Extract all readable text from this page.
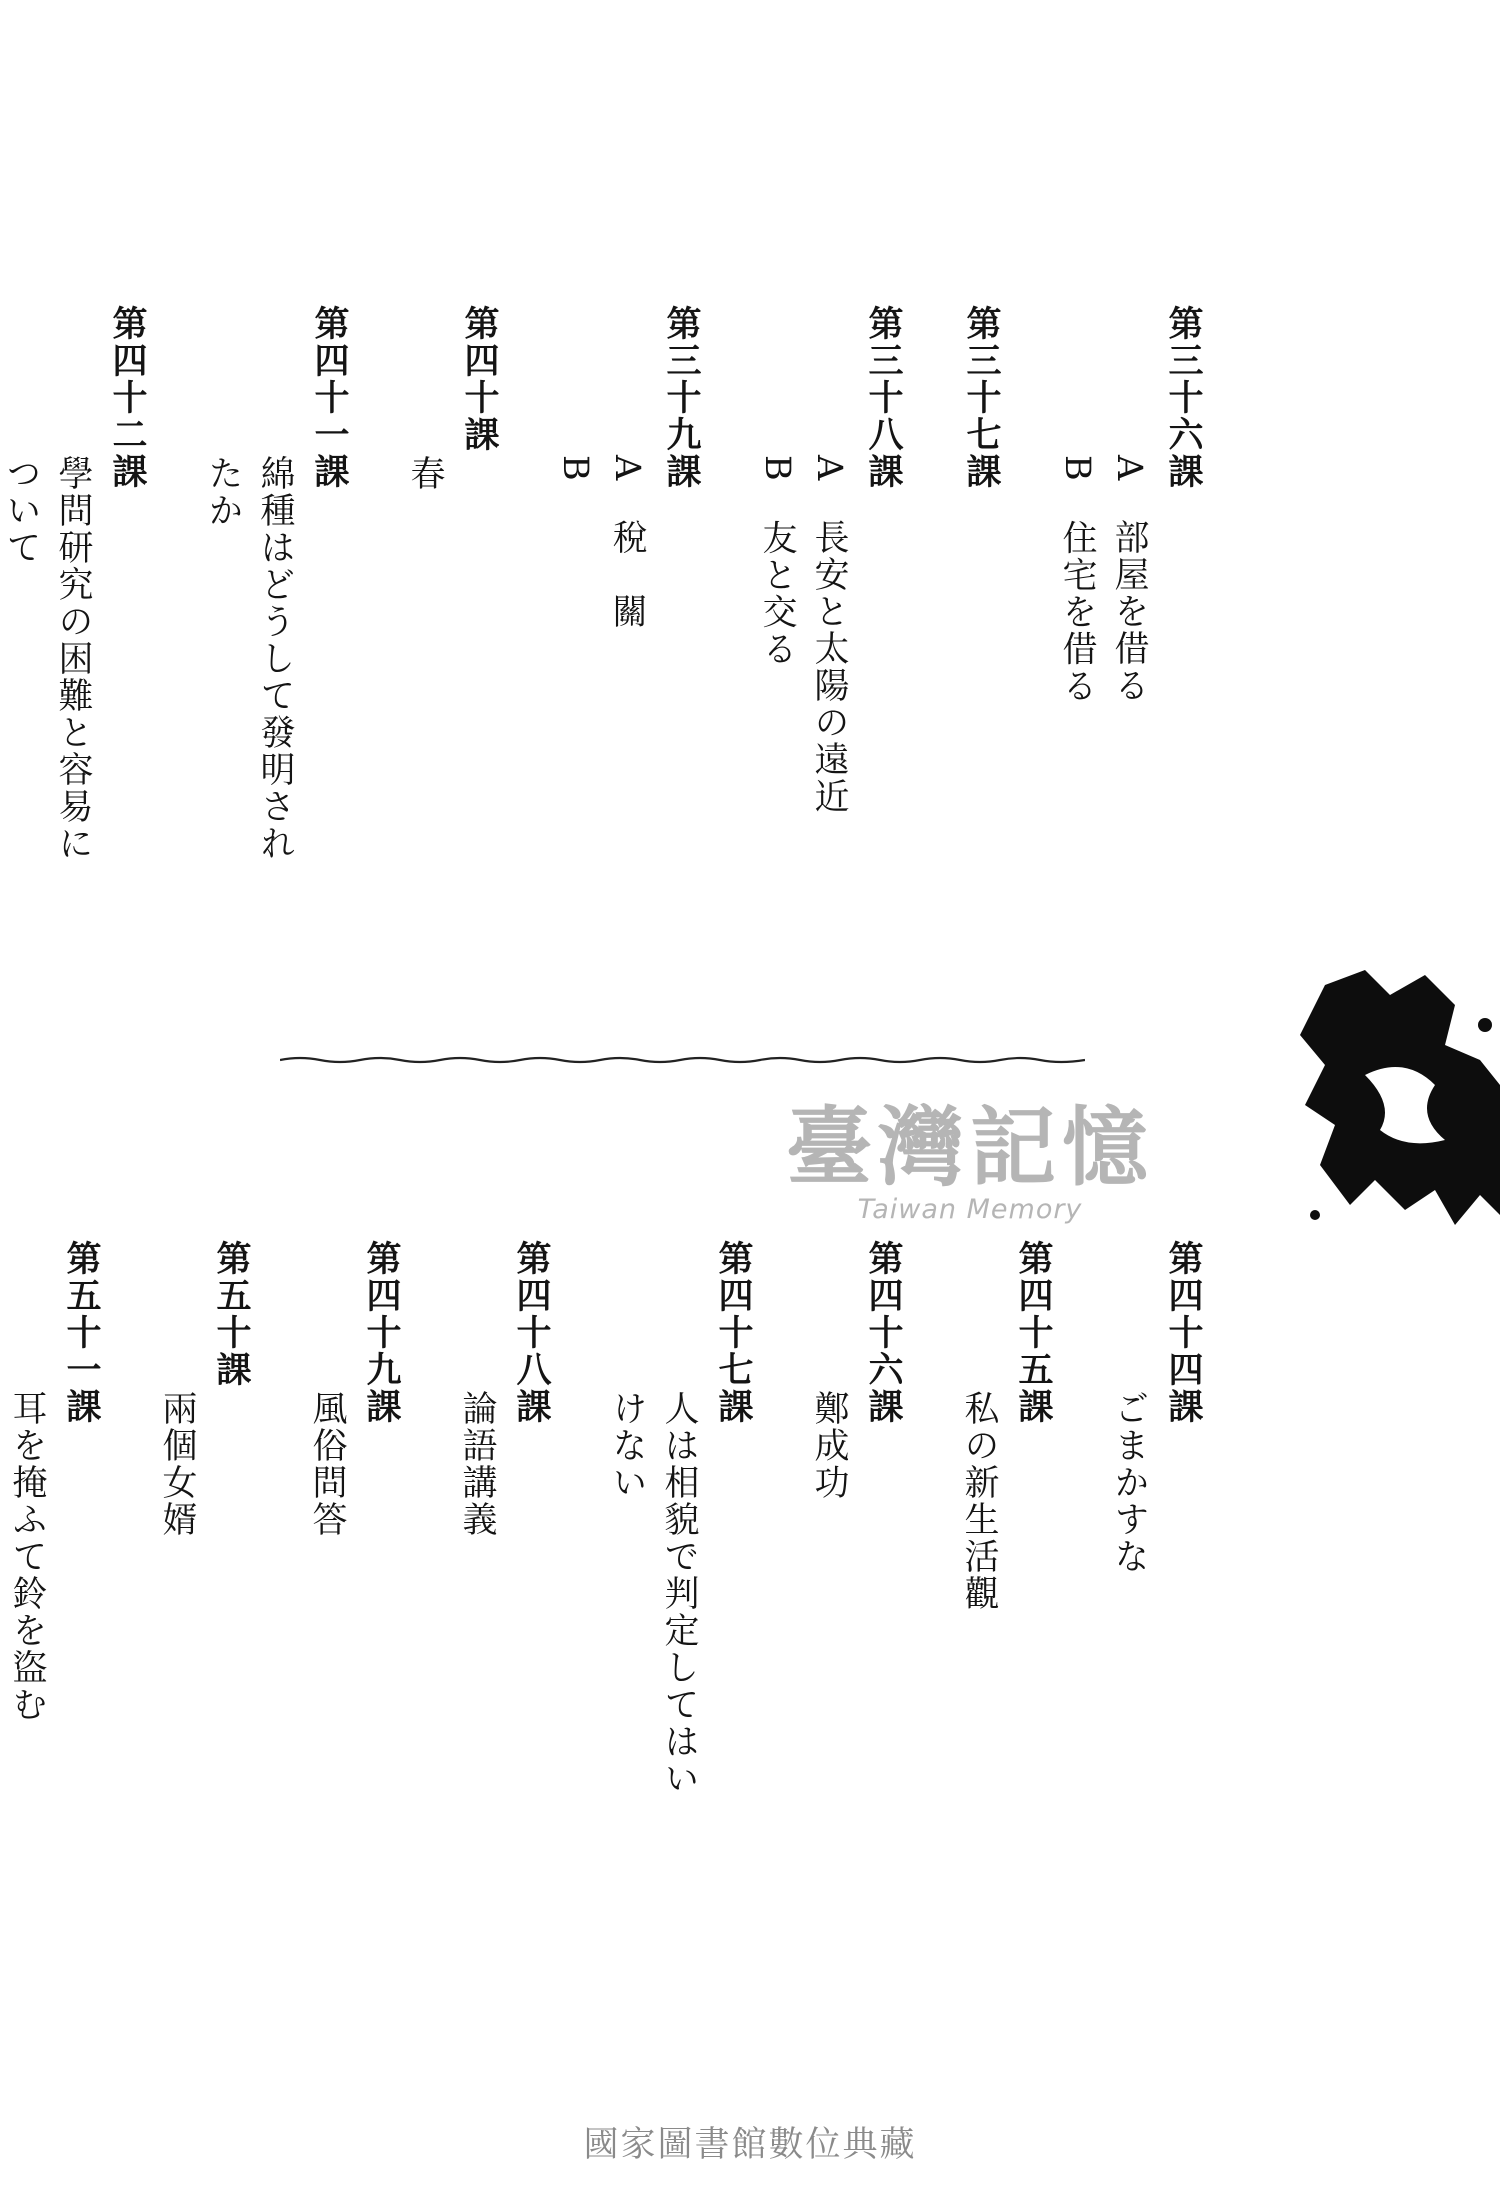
第三十六課
A　部屋を借る
B　住宅を借る
第三十七課
第三十八課
A　長安と太陽の遠近
B　友と交る
第三十九課
A　稅　關
B
第四十課
春
第四十一課
綿種はどうして發明され
たか
第四十二課
學問研究の困難と容易に
ついて
臺灣記憶
Taiwan Memory
第四十四課
ごまかすな
第四十五課
私の新生活觀
第四十六課
鄭成功
第四十七課
人は相貌で判定してはい
けない
第四十八課
論語講義
第四十九課
風俗問答
第五十課
兩個女婿
第五十一課
耳を掩ふて鈴を盜む
國家圖書館數位典藏
